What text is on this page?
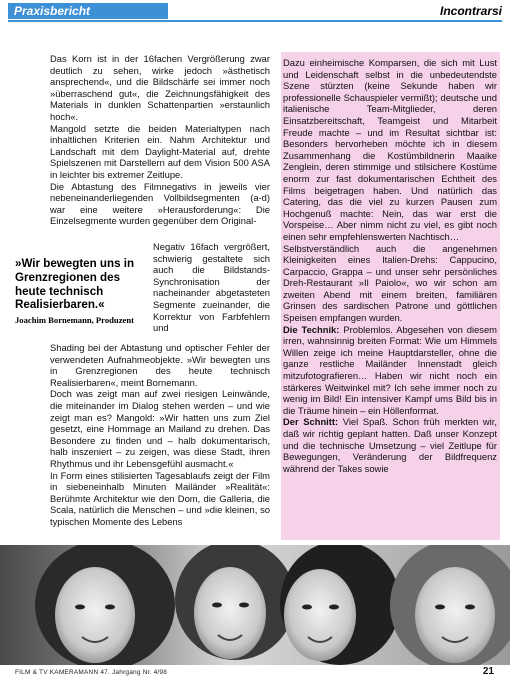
Praxisbericht	Incontrarsi

Das Korn ist in der 16fachen Vergrößerung zwar deutlich zu sehen, wirke jedoch »ästhetisch ansprechend«, und die Bildschärfe sei immer noch »überraschend gut«, die Zeichnungsfähigkeit des Materials in dunklen Schattenpartien »erstaunlich hoch«.

Mangold setzte die beiden Materialtypen nach inhaltlichen Kriterien ein. Nahm Architektur und Landschaft mit dem Daylight-Material auf, drehte Spielszenen mit Darstellern auf dem Vision 500 ASA in leichter bis extremer Zeitlupe.

Die Abtastung des Filmnegativs in jeweils vier nebeneinanderliegenden Vollbildsegmenten (a-d) war eine weitere »Herausforderung«: Die Einzelsegmente wurden gegenüber dem Original-

Negativ 16fach vergrößert, schwierig gestaltete sich auch die Bildstands-Synchronisation der nacheinander abgetasteten Segmente zueinander, die Korrektur von Farbfehlern und

»Wir bewegten uns in Grenzregionen des heute technisch Realisierbaren.«

Joachim Bornemann, Produzent

Shading bei der Abtastung und optischer Fehler der verwendeten Aufnahmeobjekte. »Wir bewegten uns in Grenzregionen des heute technisch Realisierbaren«, meint Bornemann.

Doch was zeigt man auf zwei riesigen Leinwände, die miteinander im Dialog stehen werden – und wie zeigt man es? Mangold: »Wir hatten uns zum Ziel gesetzt, eine Hommage an Mailand zu drehen. Das Besondere zu finden und – halb dokumentarisch, halb inszeniert – zu zeigen, was diese Stadt, ihren Rhythmus und ihr Lebensgefühl ausmacht.«

In Form eines stilisierten Tagesablaufs zeigt der Film in siebeneinhalb Minuten Mailänder »Realität«: Berühmte Architektur wie den Dom, die Galleria, die Scala, natürlich die Menschen – und »die kleinen, so typischen Momente des Lebens

Dazu einheimische Komparsen, die sich mit Lust und Leidenschaft selbst in die unbedeutendste Szene stürzten (keine Sekunde haben wir professionelle Schauspieler vermißt); deutsche und italienische Team-Mitglieder, deren Einsatzbereitschaft, Teamgeist und Mitarbeit Freude machte – und im Resultat sichtbar ist: Besonders hervorheben möchte ich in diesem Zusammenhang die Kostümbildnerin Maaike Zenglein, deren stimmige und stilsichere Kostüme enorm zur fast dokumentarischen Echtheit des Films beigetragen haben. Und natürlich das Catering, das die viel zu kurzen Pausen zum Hochgenuß machte: Nein, das war erst die Vorspeise… Aber nimm nicht zu viel, es gibt noch einen sehr empfehlenswerten Nachtisch…

Selbstverständlich auch die angenehmen Kleinigkeiten eines Italien-Drehs: Cappucino, Carpaccio, Grappa – und unser sehr persönliches Dreh-Restaurant »Il Paiolo«, wo wir schon am zweiten Abend mit einem breiten, familiären Grinsen des sardischen Patrone und göttlichen Speisen empfangen wurden.

Die Technik: Problemlos. Abgesehen von diesem irren, wahnsinnig breiten Format: Wie um Himmels Willen zeige ich meine Hauptdarsteller, ohne die ganze restliche Mailänder Innenstadt gleich mitzufotografieren… Haben wir nicht noch ein stärkeres Weitwinkel mit? Ich sehe immer noch zu wenig im Bild! Ein intensiver Kampf ums Bild bis in die Träume hinein – ein Höllenformat.

Der Schnitt: Viel Spaß. Schon früh merkten wir, daß wir richtig geplant hatten. Daß unser Konzept und die technische Umsetzung – viel Zeitlupe für Bewegungen, Veränderung der Bildfrequenz während der Takes sowie

FILM & TV KAMERAMANN 47. Jahrgang Nr. 4/98	21
